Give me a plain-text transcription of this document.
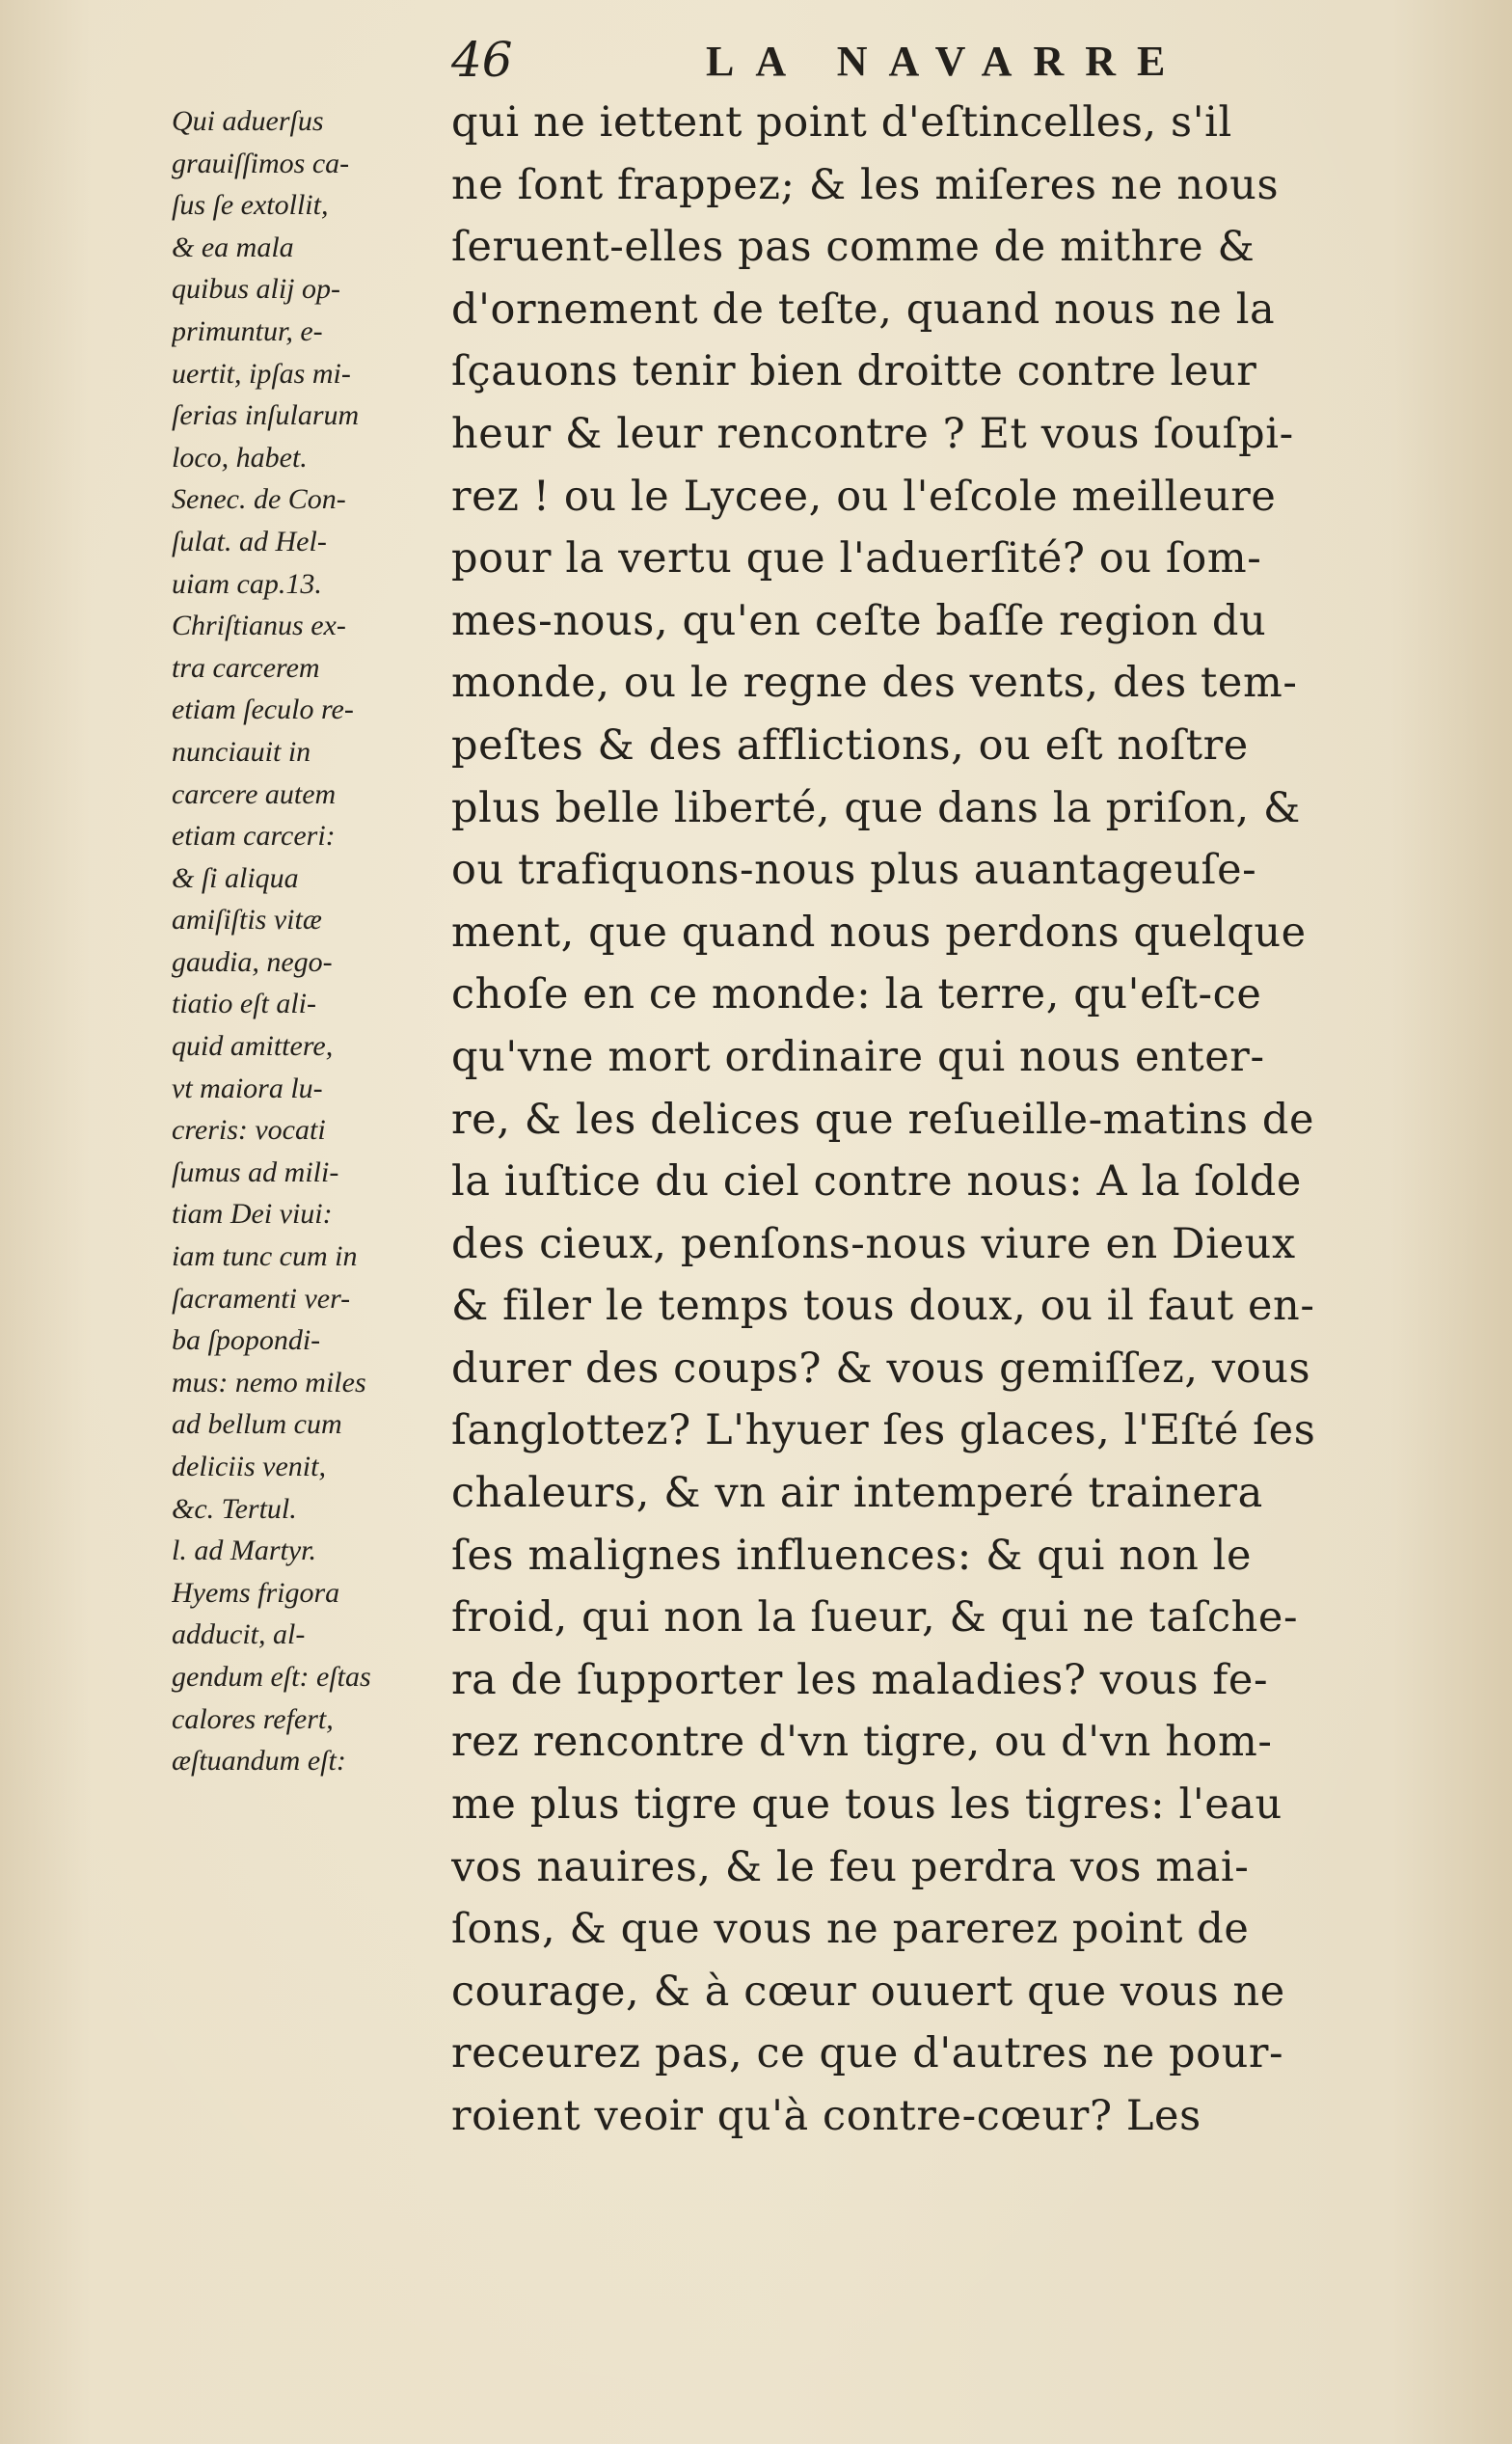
46	LA NAVARRE
Qui aduerſus
grauiſſimos ca-
ſus ſe extollit,
& ea mala
quibus alij op-
primuntur, e-
uertit, ipſas mi-
ſerias inſularum
loco, habet.
Senec. de Con-
ſulat. ad Hel-
uiam cap.13.
Chriſtianus ex-
tra carcerem
etiam ſeculo re-
nunciauit in
carcere autem
etiam carceri:
& ſi aliqua
amiſiſtis vitæ
gaudia, nego-
tiatio eſt ali-
quid amittere,
vt maiora lu-
creris: vocati
ſumus ad mili-
tiam Dei viui:
iam tunc cum in
ſacramenti ver-
ba ſpopondi-
mus: nemo miles
ad bellum cum
deliciis venit,
&c. Tertul.
l. ad Martyr.
Hyems frigora
adducit, al-
gendum eſt: eſtas
calores refert,
æſtuandum eſt:
qui ne iettent point d'eſtincelles, s'il
ne ſont frappez; & les miſeres ne nous
ſeruent-elles pas comme de mithre &
d'ornement de teſte, quand nous ne la
ſçauons tenir bien droitte contre leur
heur & leur rencontre ? Et vous ſouſpi-
rez ! ou le Lycee, ou l'eſcole meilleure
pour la vertu que l'aduerſité? ou ſom-
mes-nous, qu'en ceſte baſſe region du
monde, ou le regne des vents, des tem-
peſtes & des afflictions, ou eſt noſtre
plus belle liberté, que dans la priſon, &
ou trafiquons-nous plus auantageuſe-
ment, que quand nous perdons quelque
choſe en ce monde: la terre, qu'eſt-ce
qu'vne mort ordinaire qui nous enter-
re, & les delices que reſueille-matins de
la iuſtice du ciel contre nous: A la ſolde
des cieux, penſons-nous viure en Dieux
& filer le temps tous doux, ou il faut en-
durer des coups? & vous gemiſſez, vous
ſanglottez? L'hyuer ſes glaces, l'Eſté ſes
chaleurs, & vn air intemperé trainera
ſes malignes influences: & qui non le
froid, qui non la ſueur, & qui ne taſche-
ra de ſupporter les maladies? vous fe-
rez rencontre d'vn tigre, ou d'vn hom-
me plus tigre que tous les tigres: l'eau
vos nauires, & le feu perdra vos mai-
ſons, & que vous ne parerez point de
courage, & à cœur ouuert que vous ne
receurez pas, ce que d'autres ne pour-
roient veoir qu'à contre-cœur? Les
